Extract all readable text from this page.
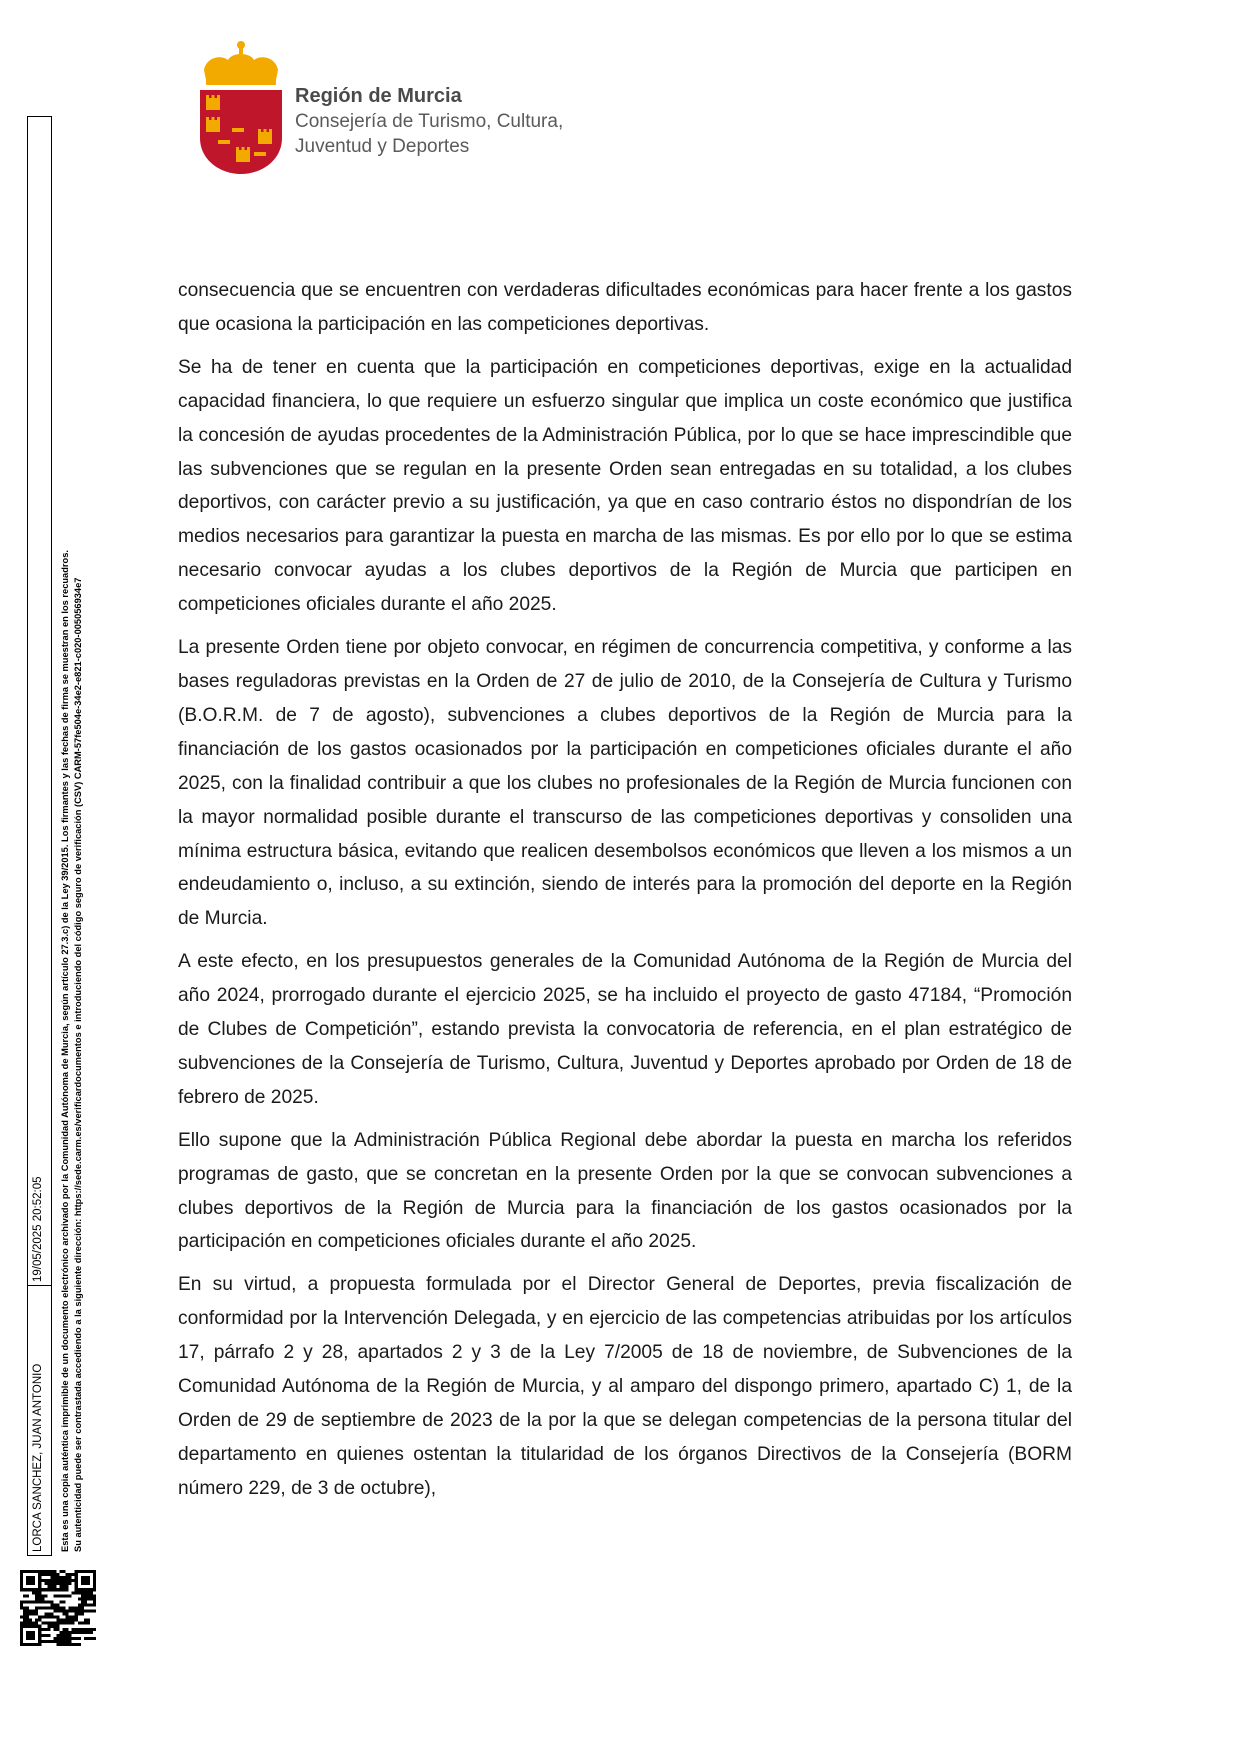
Región de Murcia
Consejería de Turismo, Cultura,
Juventud y Deportes

consecuencia que se encuentren con verdaderas dificultades económicas para hacer frente a los gastos que ocasiona la participación en las competiciones deportivas.

Se ha de tener en cuenta que la participación en competiciones deportivas, exige en la actualidad capacidad financiera, lo que requiere un esfuerzo singular que implica un coste económico que justifica la concesión de ayudas procedentes de la Administración Pública, por lo que se hace imprescindible que las subvenciones que se regulan en la presente Orden sean entregadas en su totalidad, a los clubes deportivos, con carácter previo a su justificación, ya que en caso contrario éstos no dispondrían de los medios necesarios para garantizar la puesta en marcha de las mismas. Es por ello por lo que se estima necesario convocar ayudas a los clubes deportivos de la Región de Murcia que participen en competiciones oficiales durante el año 2025.

La presente Orden tiene por objeto convocar, en régimen de concurrencia competitiva, y conforme a las bases reguladoras previstas en la Orden de 27 de julio de 2010, de la Consejería de Cultura y Turismo (B.O.R.M. de 7 de agosto), subvenciones a clubes deportivos de la Región de Murcia para la financiación de los gastos ocasionados por la participación en competiciones oficiales durante el año 2025, con la finalidad contribuir a que los clubes no profesionales de la Región de Murcia funcionen con la mayor normalidad posible durante el transcurso de las competiciones deportivas y consoliden una mínima estructura básica, evitando que realicen desembolsos económicos que lleven a los mismos a un endeudamiento o, incluso, a su extinción, siendo de interés para la promoción del deporte en la Región de Murcia.

A este efecto, en los presupuestos generales de la Comunidad Autónoma de la Región de Murcia del año 2024, prorrogado durante el ejercicio 2025, se ha incluido el proyecto de gasto 47184, “Promoción de Clubes de Competición”, estando prevista la convocatoria de referencia, en el plan estratégico de subvenciones de la Consejería de Turismo, Cultura, Juventud y Deportes aprobado por Orden de 18 de febrero de 2025.

Ello supone que la Administración Pública Regional debe abordar la puesta en marcha los referidos programas de gasto, que se concretan en la presente Orden por la que se convocan subvenciones a clubes deportivos de la Región de Murcia para la financiación de los gastos ocasionados por la participación en competiciones oficiales durante el año 2025.

En su virtud, a propuesta formulada por el Director General de Deportes, previa fiscalización de conformidad por la Intervención Delegada, y en ejercicio de las competencias atribuidas por los artículos 17, párrafo 2 y 28, apartados 2 y 3 de la Ley 7/2005 de 18 de noviembre, de Subvenciones de la Comunidad Autónoma de la Región de Murcia, y al amparo del dispongo primero, apartado C) 1, de la Orden de 29 de septiembre de 2023 de la por la que se delegan competencias de la persona titular del departamento en quienes ostentan la titularidad de los órganos Directivos de la Consejería (BORM número 229, de 3 de octubre),

LORCA SANCHEZ, JUAN ANTONIO
19/05/2025 20:52:05 Esta es una copia auténtica imprimible de un documento electrónico archivado por la Comunidad Autónoma de Murcia, según artículo 27.3.c) de la Ley 39/2015. Los firmantes y las fechas de firma se muestran en los recuadros. Su autenticidad puede ser contrastada accediendo a la siguiente dirección: https://sede.carm.es/verificardocumentos e introduciendo del código seguro de verificación (CSV) CARM-57fe504e-34e2-e821-c020-005056934e7
